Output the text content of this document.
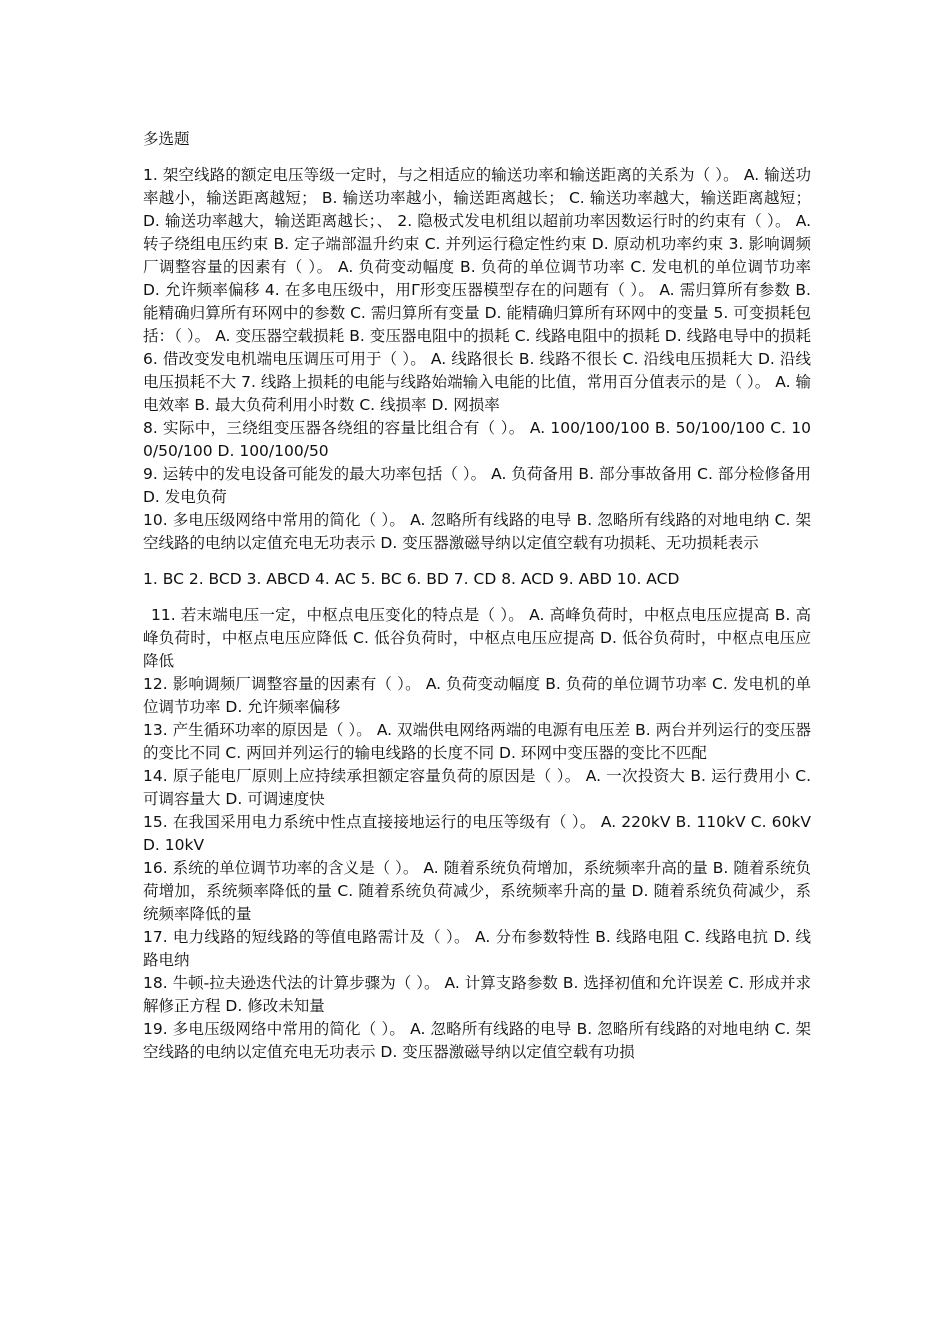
多选题

1. 架空线路的额定电压等级一定时，与之相适应的输送功率和输送距离的关系为（ ）。 A. 输送功率越小，输送距离越短； B. 输送功率越小，输送距离越长； C. 输送功率越大，输送距离越短； D. 输送功率越大，输送距离越长；、 2. 隐极式发电机组以超前功率因数运行时的约束有（ ）。 A. 转子绕组电压约束 B. 定子端部温升约束 C. 并列运行稳定性约束 D. 原动机功率约束 3. 影响调频厂调整容量的因素有（ ）。 A. 负荷变动幅度 B. 负荷的单位调节功率 C. 发电机的单位调节功率 D. 允许频率偏移 4. 在多电压级中，用Γ形变压器模型存在的问题有（ ）。 A. 需归算所有参数 B. 能精确归算所有环网中的参数 C. 需归算所有变量 D. 能精确归算所有环网中的变量 5. 可变损耗包括：（ ）。 A. 变压器空载损耗 B. 变压器电阻中的损耗 C. 线路电阻中的损耗 D. 线路电导中的损耗 6. 借改变发电机端电压调压可用于（ ）。 A. 线路很长 B. 线路不很长 C. 沿线电压损耗大 D. 沿线电压损耗不大 7. 线路上损耗的电能与线路始端输入电能的比值，常用百分值表示的是（ ）。 A. 输电效率 B. 最大负荷利用小时数 C. 线损率 D. 网损率

8. 实际中，三绕组变压器各绕组的容量比组合有（ ）。 A. 100/100/100 B. 50/100/100 C. 100/50/100 D. 100/100/50

9. 运转中的发电设备可能发的最大功率包括（ ）。 A. 负荷备用 B. 部分事故备用 C. 部分检修备用 D. 发电负荷

10. 多电压级网络中常用的简化（ ）。 A. 忽略所有线路的电导 B. 忽略所有线路的对地电纳 C. 架空线路的电纳以定值充电无功表示 D. 变压器激磁导纳以定值空载有功损耗、无功损耗表示

1. BC 2. BCD 3. ABCD 4. AC 5. BC 6. BD 7. CD 8. ACD 9. ABD 10. ACD

11. 若末端电压一定，中枢点电压变化的特点是（ ）。 A. 高峰负荷时，中枢点电压应提高 B. 高峰负荷时，中枢点电压应降低 C. 低谷负荷时，中枢点电压应提高 D. 低谷负荷时，中枢点电压应降低

12. 影响调频厂调整容量的因素有（ ）。 A. 负荷变动幅度 B. 负荷的单位调节功率 C. 发电机的单位调节功率 D. 允许频率偏移

13. 产生循环功率的原因是（ ）。 A. 双端供电网络两端的电源有电压差 B. 两台并列运行的变压器的变比不同 C. 两回并列运行的输电线路的长度不同 D. 环网中变压器的变比不匹配

14. 原子能电厂原则上应持续承担额定容量负荷的原因是（ ）。 A. 一次投资大 B. 运行费用小 C. 可调容量大 D. 可调速度快

15. 在我国采用电力系统中性点直接接地运行的电压等级有（ ）。 A. 220kV B. 110kV C. 60kV D. 10kV

16. 系统的单位调节功率的含义是（ ）。 A. 随着系统负荷增加，系统频率升高的量 B. 随着系统负荷增加，系统频率降低的量 C. 随着系统负荷减少，系统频率升高的量 D. 随着系统负荷减少，系统频率降低的量

17. 电力线路的短线路的等值电路需计及（ ）。 A. 分布参数特性 B. 线路电阻 C. 线路电抗 D. 线路电纳

18. 牛顿-拉夫逊迭代法的计算步骤为（ ）。 A. 计算支路参数 B. 选择初值和允许误差 C. 形成并求解修正方程 D. 修改未知量

19. 多电压级网络中常用的简化（ ）。 A. 忽略所有线路的电导 B. 忽略所有线路的对地电纳 C. 架空线路的电纳以定值充电无功表示 D. 变压器激磁导纳以定值空载有功损
